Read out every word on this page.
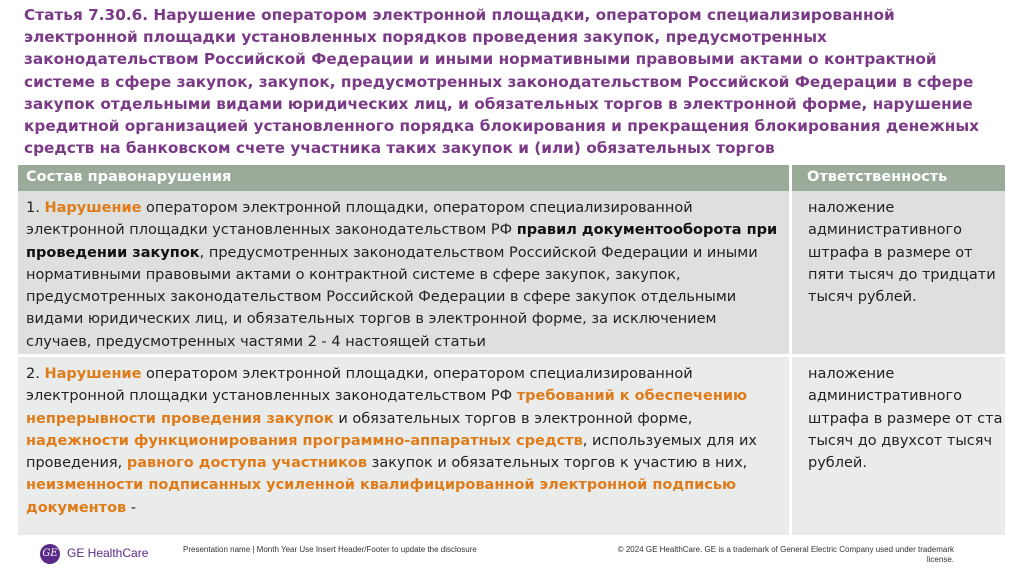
Статья 7.30.6. Нарушение оператором электронной площадки, оператором специализированной электронной площадки установленных порядков проведения закупок, предусмотренных законодательством Российской Федерации и иными нормативными правовыми актами о контрактной системе в сфере закупок, закупок, предусмотренных законодательством Российской Федерации в сфере закупок отдельными видами юридических лиц, и обязательных торгов в электронной форме, нарушение кредитной организацией установленного порядка блокирования и прекращения блокирования денежных средств на банковском счете участника таких закупок и (или) обязательных торгов
Состав правонарушения	Ответственность
1. Нарушение оператором электронной площадки, оператором специализированной электронной площадки установленных законодательством РФ правил документооборота при проведении закупок, предусмотренных законодательством Российской Федерации и иными нормативными правовыми актами о контрактной системе в сфере закупок, закупок, предусмотренных законодательством Российской Федерации в сфере закупок отдельными видами юридических лиц, и обязательных торгов в электронной форме, за исключением случаев, предусмотренных частями 2 - 4 настоящей статьи
наложение административного штрафа в размере от пяти тысяч до тридцати тысяч рублей.
2. Нарушение оператором электронной площадки, оператором специализированной электронной площадки установленных законодательством РФ требований к обеспечению непрерывности проведения закупок и обязательных торгов в электронной форме, надежности функционирования программно-аппаратных средств, используемых для их проведения, равного доступа участников закупок и обязательных торгов к участию в них, неизменности подписанных усиленной квалифицированной электронной подписью документов -
наложение административного штрафа в размере от ста тысяч до двухсот тысяч рублей.
GE GE HealthCare	Presentation name | Month Year Use Insert Header/Footer to update the disclosure	© 2024 GE HealthCare. GE is a trademark of General Electric Company used under trademark license.
